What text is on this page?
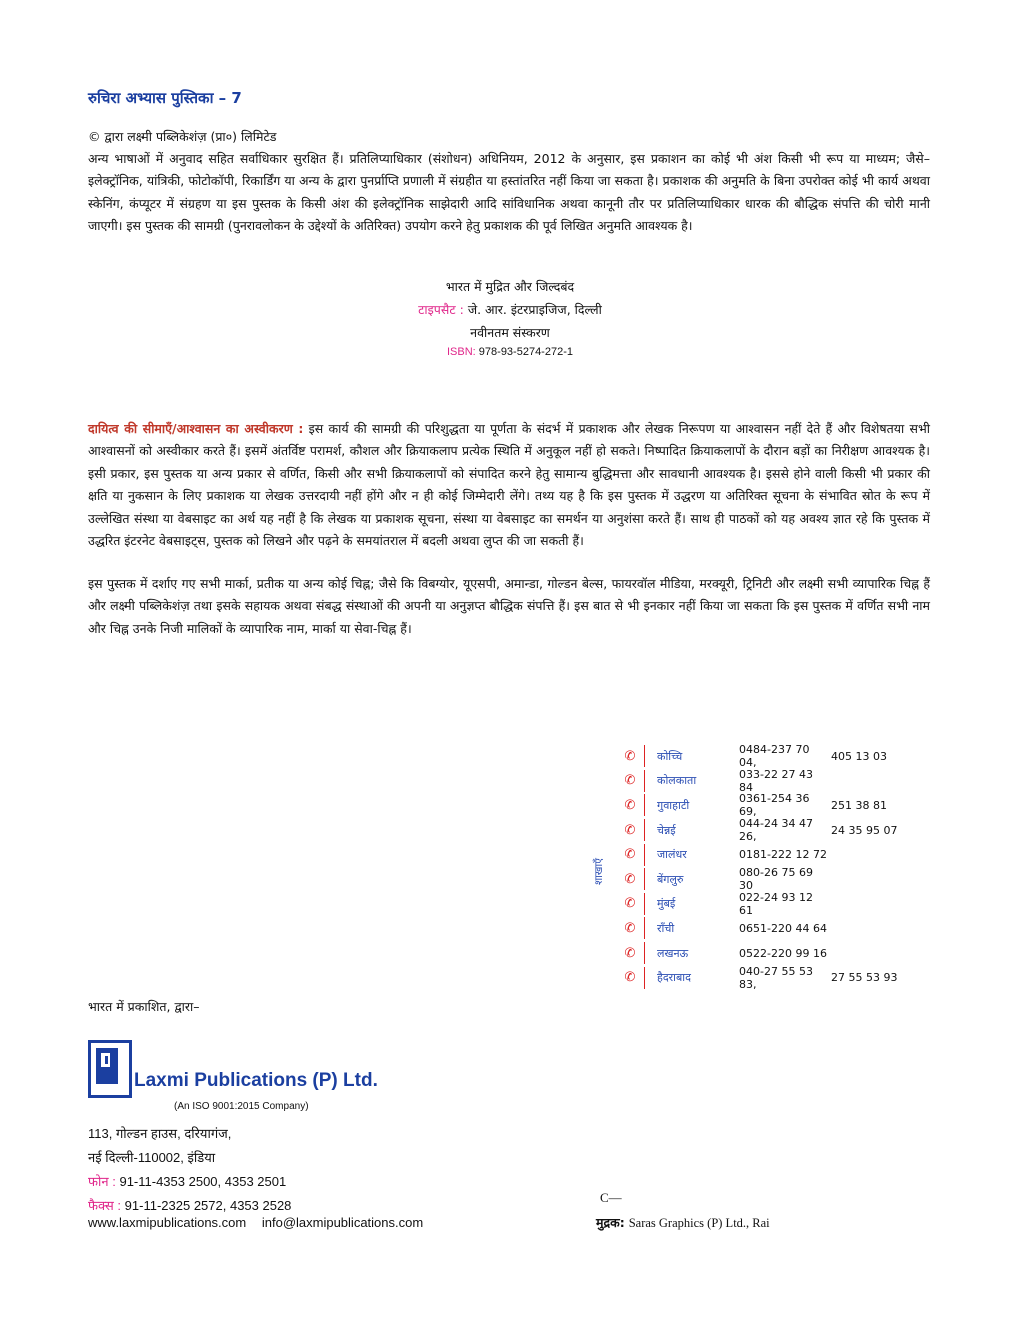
रुचिरा अभ्यास पुस्तिका – 7
© द्वारा लक्ष्मी पब्लिकेशंज़ (प्रा०) लिमिटेड
अन्य भाषाओं में अनुवाद सहित सर्वाधिकार सुरक्षित हैं। प्रतिलिप्याधिकार (संशोधन) अधिनियम, 2012 के अनुसार, इस प्रकाशन का कोई भी अंश किसी भी रूप या माध्यम; जैसे–इलेक्ट्रॉनिक, यांत्रिकी, फोटोकॉपी, रिकार्डिंग या अन्य के द्वारा पुनर्प्राप्ति प्रणाली में संग्रहीत या हस्तांतरित नहीं किया जा सकता है। प्रकाशक की अनुमति के बिना उपरोक्त कोई भी कार्य अथवा स्केनिंग, कंप्यूटर में संग्रहण या इस पुस्तक के किसी अंश की इलेक्ट्रॉनिक साझेदारी आदि सांविधानिक अथवा कानूनी तौर पर प्रतिलिप्याधिकार धारक की बौद्धिक संपत्ति की चोरी मानी जाएगी। इस पुस्तक की सामग्री (पुनरावलोकन के उद्देश्यों के अतिरिक्त) उपयोग करने हेतु प्रकाशक की पूर्व लिखित अनुमति आवश्यक है।
भारत में मुद्रित और जिल्दबंद
टाइपसैट : जे. आर. इंटरप्राइजिज, दिल्ली
नवीनतम संस्करण
ISBN: 978-93-5274-272-1
दायित्व की सीमाएँ/आश्वासन का अस्वीकरण : इस कार्य की सामग्री की परिशुद्धता या पूर्णता के संदर्भ में प्रकाशक और लेखक निरूपण या आश्वासन नहीं देते हैं और विशेषतया सभी आश्वासनों को अस्वीकार करते हैं। इसमें अंतर्विष्ट परामर्श, कौशल और क्रियाकलाप प्रत्येक स्थिति में अनुकूल नहीं हो सकते। निष्पादित क्रियाकलापों के दौरान बड़ों का निरीक्षण आवश्यक है। इसी प्रकार, इस पुस्तक या अन्य प्रकार से वर्णित, किसी और सभी क्रियाकलापों को संपादित करने हेतु सामान्य बुद्धिमत्ता और सावधानी आवश्यक है। इससे होने वाली किसी भी प्रकार की क्षति या नुकसान के लिए प्रकाशक या लेखक उत्तरदायी नहीं होंगे और न ही कोई जिम्मेदारी लेंगे। तथ्य यह है कि इस पुस्तक में उद्धरण या अतिरिक्त सूचना के संभावित स्रोत के रूप में उल्लेखित संस्था या वेबसाइट का अर्थ यह नहीं है कि लेखक या प्रकाशक सूचना, संस्था या वेबसाइट का समर्थन या अनुशंसा करते हैं। साथ ही पाठकों को यह अवश्य ज्ञात रहे कि पुस्तक में उद्धरित इंटरनेट वेबसाइट्स, पुस्तक को लिखने और पढ़ने के समयांतराल में बदली अथवा लुप्त की जा सकती हैं।
इस पुस्तक में दर्शाए गए सभी मार्का, प्रतीक या अन्य कोई चिह्न; जैसे कि विबग्योर, यूएसपी, अमान्डा, गोल्डन बेल्स, फायरवॉल मीडिया, मरक्यूरी, ट्रिनिटी और लक्ष्मी सभी व्यापारिक चिह्न हैं और लक्ष्मी पब्लिकेशंज़ तथा इसके सहायक अथवा संबद्ध संस्थाओं की अपनी या अनुज्ञप्त बौद्धिक संपत्ति हैं। इस बात से भी इनकार नहीं किया जा सकता कि इस पुस्तक में वर्णित सभी नाम और चिह्न उनके निजी मालिकों के व्यापारिक नाम, मार्का या सेवा-चिह्न हैं।
शाखाएँ
✆	कोच्चि	0484-237 70 04,	405 13 03
✆	कोलकाता	033-22 27 43 84
✆	गुवाहाटी	0361-254 36 69,	251 38 81
✆	चेन्नई	044-24 34 47 26,	24 35 95 07
✆	जालंधर	0181-222 12 72
✆	बेंगलुरु	080-26 75 69 30
✆	मुंबई	022-24 93 12 61
✆	राँची	0651-220 44 64
✆	लखनऊ	0522-220 99 16
✆	हैदराबाद	040-27 55 53 83,	27 55 53 93
भारत में प्रकाशित, द्वारा–
Laxmi Publications (P) Ltd.
(An ISO 9001:2015 Company)
113, गोल्डन हाउस, दरियागंज,
नई दिल्ली-110002, इंडिया
फोन : 91-11-4353 2500, 4353 2501
फैक्स : 91-11-2325 2572, 4353 2528
www.laxmipublications.com info@laxmipublications.com
C—
मुद्रक: Saras Graphics (P) Ltd., Rai
